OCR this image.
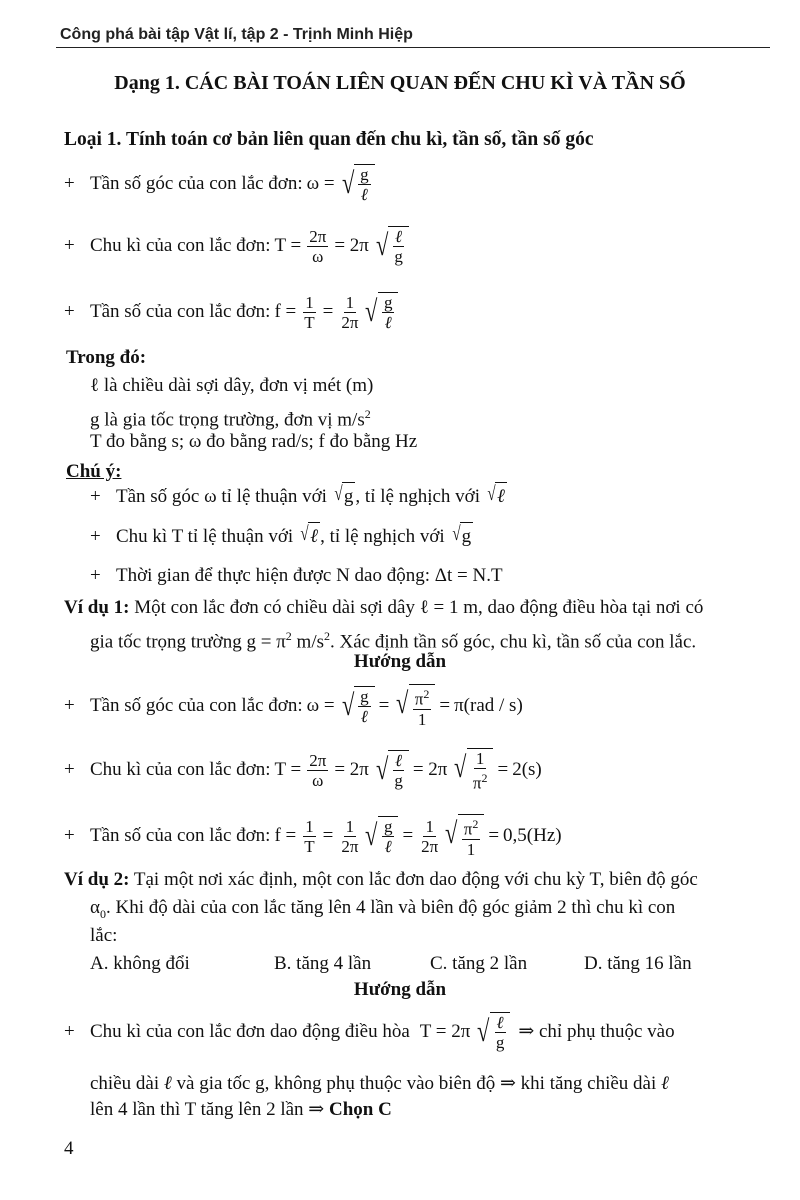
Công phá bài tập Vật lí, tập 2 - Trịnh Minh Hiệp
Dạng 1. CÁC BÀI TOÁN LIÊN QUAN ĐẾN CHU KÌ VÀ TẦN SỐ
Loại 1. Tính toán cơ bản liên quan đến chu kì, tần số, tần số góc
+ Tần số góc của con lắc đơn: ω = √ $\frac{g}{\text{ℓ}}$
+ Chu kì của con lắc đơn: $T = \frac{2\pi}{\omega} = 2\pi$ √ $\frac{\text{ℓ}}{g}$
+ Tần số của con lắc đơn: $f = \frac{1}{T} = \frac{1}{2\pi}$ √ $\frac{g}{\text{ℓ}}$
Trong đó:
ℓ là chiều dài sợi dây, đơn vị mét (m)
g là gia tốc trọng trường, đơn vị $m/s^2$
T đo bằng s; ω đo bằng rad/s; f đo bằng Hz
Chú ý:
+ Tần số góc ω tỉ lệ thuận với √ g , tỉ lệ nghịch với √ ℓ
+ Chu kì T tỉ lệ thuận với √ ℓ , tỉ lệ nghịch với √ g
+ Thời gian để thực hiện được N dao động: Δt = N.T
Ví dụ 1: Một con lắc đơn có chiều dài sợi dây ℓ = 1 m, dao động điều hòa tại nơi có
gia tốc trọng trường $g = \pi^2$ $m/s^2$. Xác định tần số góc, chu kì, tần số của con lắc.
Hướng dẫn
+ Tần số góc của con lắc đơn: ω = √ $\frac{g}{\text{ℓ}}$ = √ $\frac{\pi^2}{1} = \pi(rad / s)$
+ Chu kì của con lắc đơn: $T = \frac{2\pi}{\omega} = 2\pi$ √ $\frac{\text{ℓ}}{g} = 2\pi$ √ $\frac{1}{\pi^2} = 2(s)$
+ Tần số của con lắc đơn: $f = \frac{1}{T} = \frac{1}{2\pi}$ √ $\frac{g}{\text{ℓ}} = \frac{1}{2\pi}$ √ $\frac{\pi^2}{1} = 0,5(Hz)$
Ví dụ 2: Tại một nơi xác định, một con lắc đơn dao động với chu kỳ T, biên độ góc
$\alpha_0$. Khi độ dài của con lắc tăng lên 4 lần và biên độ góc giảm 2 thì chu kì con
lắc:
A. không đổi	B. tăng 4 lần	C. tăng 2 lần	D. tăng 16 lần
Hướng dẫn
+ Chu kì của con lắc đơn dao động điều hòa T = 2π √ $\frac{\text{ℓ}}{g}$ ⇒ chỉ phụ thuộc vào
chiều dài ℓ và gia tốc g, không phụ thuộc vào biên độ ⇒ khi tăng chiều dài ℓ
lên 4 lần thì T tăng lên 2 lần ⇒ Chọn C
4
